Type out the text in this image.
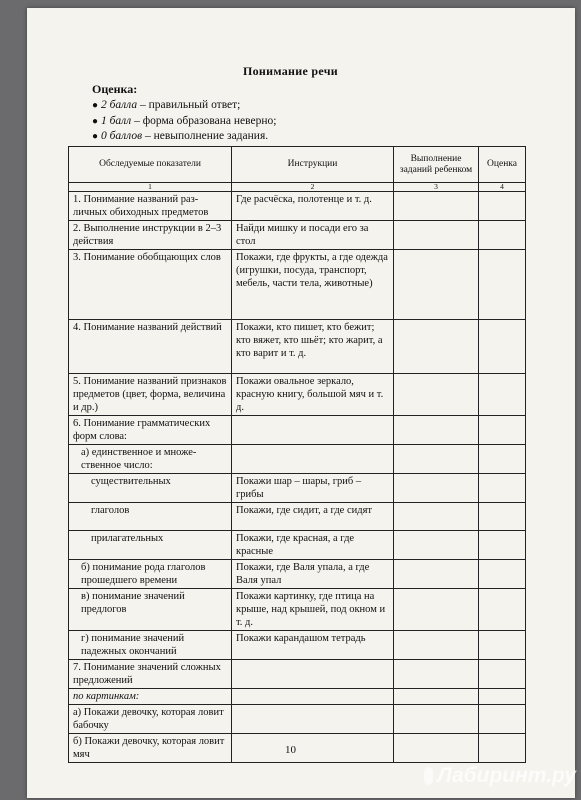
Понимание речи
Оценка:
● 2 балла – правильный ответ;
● 1 балл – форма образована неверно;
● 0 баллов – невыполнение задания.
Обследуемые показатели	Инструкции	Выполнение заданий ребенком	Оценка
1	2	3	4
1. Понимание названий различных обиходных предметов	Где расчёска, полотенце и т. д.		
2. Выполнение инструкции в 2–3 действия	Найди мишку и посади его за стол		
3. Понимание обобщающих слов	Покажи, где фрукты, а где одежда (игрушки, посуда, транспорт, мебель, части тела, животные)		
4. Понимание названий действий	Покажи, кто пишет, кто бежит; кто вяжет, кто шьёт; кто жарит, а кто варит и т. д.		
5. Понимание названий признаков предметов (цвет, форма, величина и др.)	Покажи овальное зеркало, красную книгу, большой мяч и т. д.		
6. Понимание грамматических форм слова:			
а) единственное и множественное число:			
существительных	Покажи шар – шары, гриб – грибы		
глаголов	Покажи, где сидит, а где сидят		
прилагательных	Покажи, где красная, а где красные		
б) понимание рода глаголов прошедшего времени	Покажи, где Валя упала, а где Валя упал		
в) понимание значений предлогов	Покажи картинку, где птица на крыше, над крышей, под окном и т. д.		
г) понимание значений падежных окончаний	Покажи карандашом тетрадь		
7. Понимание значений сложных предложений			
по картинкам:			
а) Покажи девочку, которая ловит бабочку			
б) Покажи девочку, которая ловит мяч				10
Лабиринт.ру
